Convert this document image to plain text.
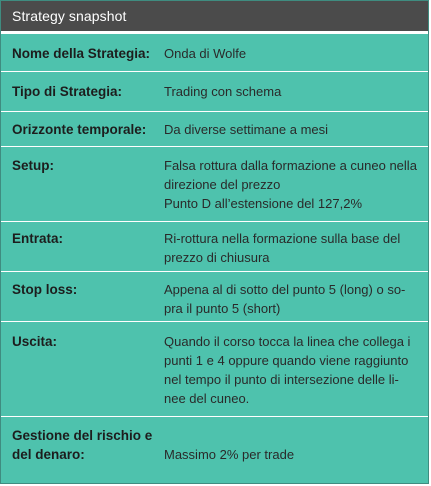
Strategy snapshot
Nome della Strategia: Onda di Wolfe
Tipo di Strategia:	Trading con schema
Orizzonte temporale: Da diverse settimane a mesi
Setup:	Falsa rottura dalla formazione a cuneo nella
direzione del prezzo
Punto D all’estensione del 127,2%
Entrata:	Ri-rottura nella formazione sulla base del
prezzo di chiusura
Stop loss:	Appena al di sotto del punto 5 (long) o so-
pra il punto 5 (short)
Uscita:	Quando il corso tocca la linea che collega i
punti 1 e 4 oppure quando viene raggiunto
nel tempo il punto di intersezione delle li-
nee del cuneo.
Gestione del rischio e
del denaro:	Massimo 2% per trade
